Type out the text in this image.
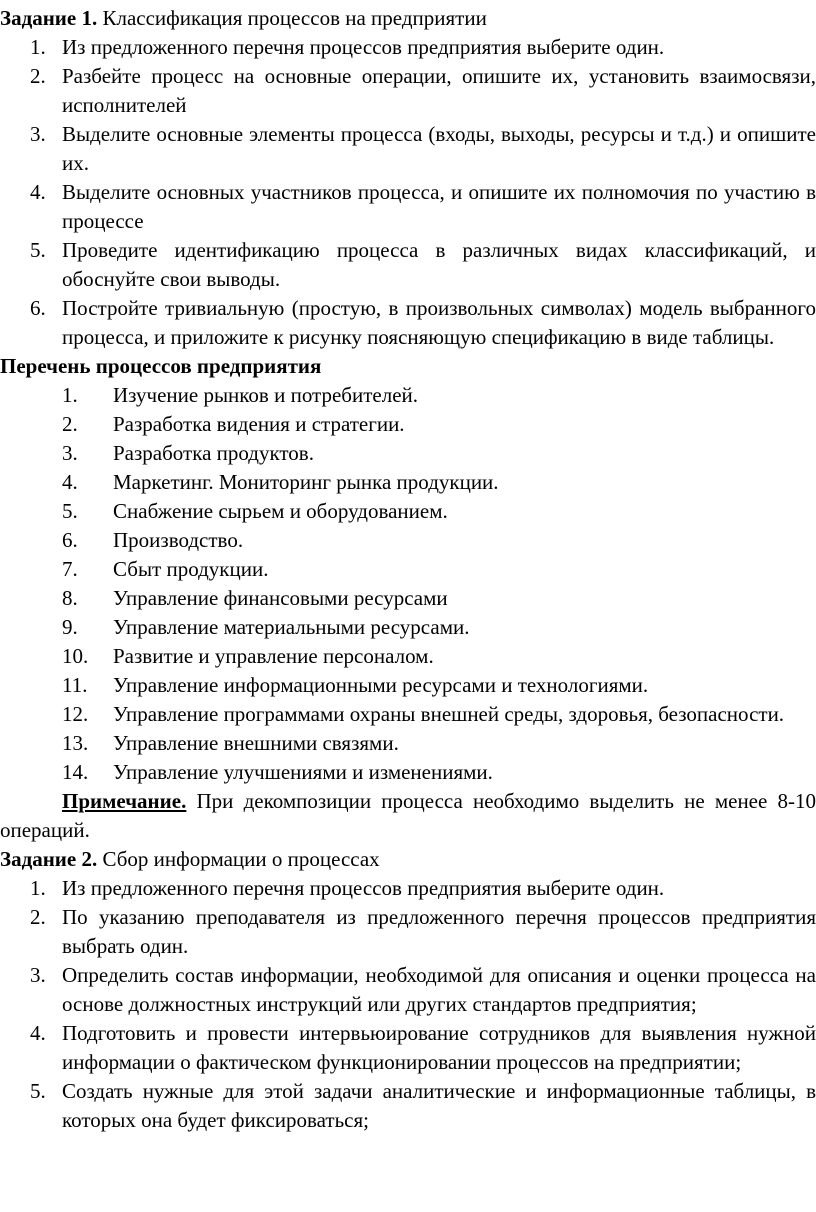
Задание 1. Классификация процессов на предприятии

1. Из предложенного перечня процессов предприятия выберите один.
2. Разбейте процесс на основные операции, опишите их, установить взаимосвязи, исполнителей
3. Выделите основные элементы процесса (входы, выходы, ресурсы и т.д.) и опишите их.
4. Выделите основных участников процесса, и опишите их полномочия по участию в процессе
5. Проведите идентификацию процесса в различных видах классификаций, и обоснуйте свои выводы.
6. Постройте тривиальную (простую, в произвольных символах) модель выбранного процесса, и приложите к рисунку поясняющую спецификацию в виде таблицы.

Перечень процессов предприятия

1. Изучение рынков и потребителей.
2. Разработка видения и стратегии.
3. Разработка продуктов.
4. Маркетинг. Мониторинг рынка продукции.
5. Снабжение сырьем и оборудованием.
6. Производство.
7. Сбыт продукции.
8. Управление финансовыми ресурсами
9. Управление материальными ресурсами.
10. Развитие и управление персоналом.
11. Управление информационными ресурсами и технологиями.
12. Управление программами охраны внешней среды, здоровья, безопасности.
13. Управление внешними связями.
14. Управление улучшениями и изменениями.

Примечание. При декомпозиции процесса необходимо выделить не менее 8-10 операций.

Задание 2. Сбор информации о процессах

1. Из предложенного перечня процессов предприятия выберите один.
2. По указанию преподавателя из предложенного перечня процессов предприятия выбрать один.
3. Определить состав информации, необходимой для описания и оценки процесса на основе должностных инструкций или других стандартов предприятия;
4. Подготовить и провести интервьюирование сотрудников для выявления нужной информации о фактическом функционировании процессов на предприятии;
5. Создать нужные для этой задачи аналитические и информационные таблицы, в которых она будет фиксироваться;
